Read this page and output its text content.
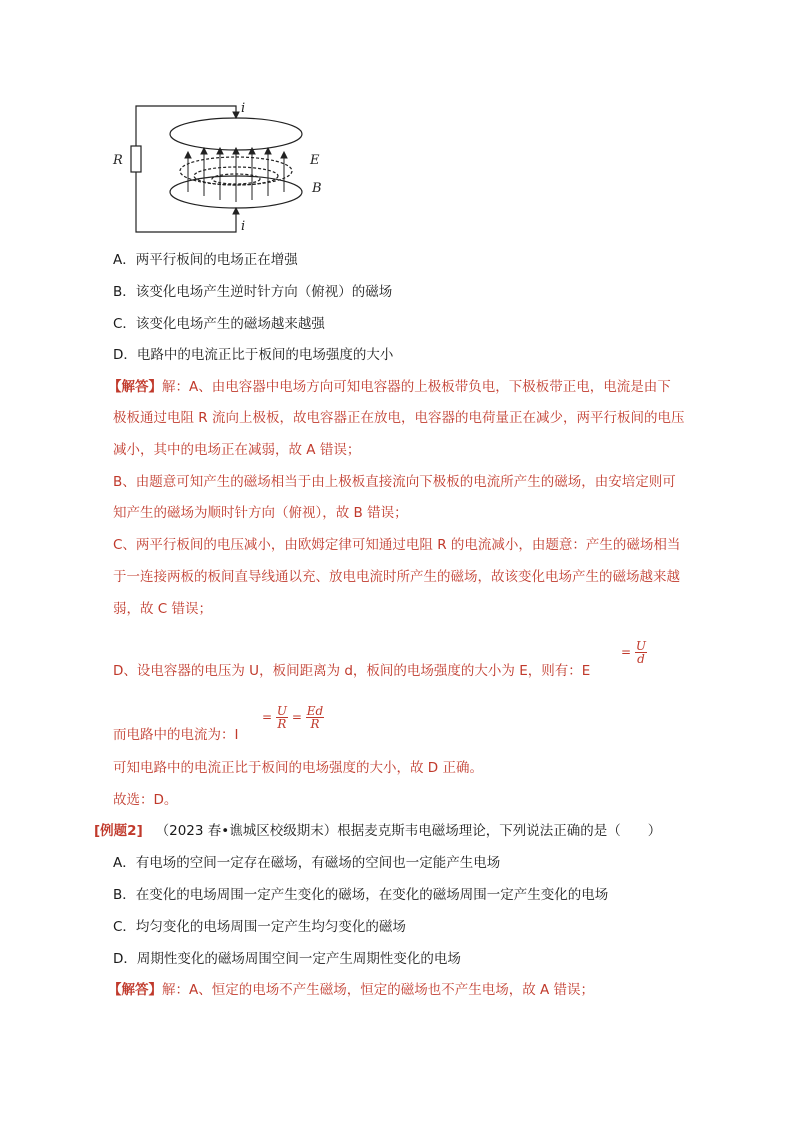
i
i
R	E
B
A．两平行板间的电场正在增强
B．该变化电场产生逆时针方向（俯视）的磁场
C．该变化电场产生的磁场越来越强
D．电路中的电流正比于板间的电场强度的大小
【解答】解：A、由电容器中电场方向可知电容器的上极板带负电，下极板带正电，电流是由下
极板通过电阻 R 流向上极板，故电容器正在放电，电容器的电荷量正在减少，两平行板间的电压
减小，其中的电场正在减弱，故 A 错误；
B、由题意可知产生的磁场相当于由上极板直接流向下极板的电流所产生的磁场，由安培定则可
知产生的磁场为顺时针方向（俯视），故 B 错误；
C、两平行板间的电压减小，由欧姆定律可知通过电阻 R 的电流减小，由题意：产生的磁场相当
于一连接两板的板间直导线通以充、放电电流时所产生的磁场，故该变化电场产生的磁场越来越
弱，故 C 错误；
D、设电容器的电压为 U，板间距离为 d，板间的电场强度的大小为 E，则有：E
= $\frac{U}{d}$
而电路中的电流为：I
= $\frac{U}{R} = \frac{Ed}{R}$
可知电路中的电流正比于板间的电场强度的大小，故 D 正确。
故选：D。
[例题2] （2023 春•谯城区校级期末）根据麦克斯韦电磁场理论，下列说法正确的是（　　）
A．有电场的空间一定存在磁场，有磁场的空间也一定能产生电场
B．在变化的电场周围一定产生变化的磁场，在变化的磁场周围一定产生变化的电场
C．均匀变化的电场周围一定产生均匀变化的磁场
D．周期性变化的磁场周围空间一定产生周期性变化的电场
【解答】解：A、恒定的电场不产生磁场，恒定的磁场也不产生电场，故 A 错误；
